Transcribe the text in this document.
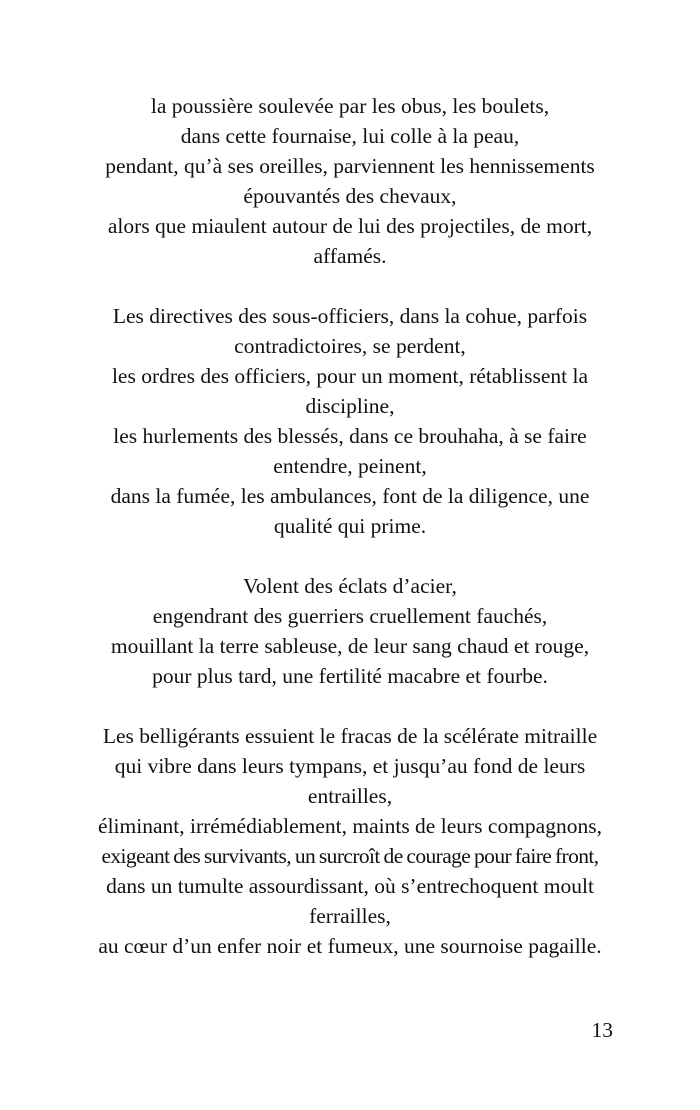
la poussière soulevée par les obus, les boulets,
dans cette fournaise, lui colle à la peau,
pendant, qu’à ses oreilles, parviennent les hennissements
épouvantés des chevaux,
alors que miaulent autour de lui des projectiles, de mort,
affamés.
Les directives des sous-officiers, dans la cohue, parfois
contradictoires, se perdent,
les ordres des officiers, pour un moment, rétablissent la
discipline,
les hurlements des blessés, dans ce brouhaha, à se faire
entendre, peinent,
dans la fumée, les ambulances, font de la diligence, une
qualité qui prime.
Volent des éclats d’acier,
engendrant des guerriers cruellement fauchés,
mouillant la terre sableuse, de leur sang chaud et rouge,
pour plus tard, une fertilité macabre et fourbe.
Les belligérants essuient le fracas de la scélérate mitraille
qui vibre dans leurs tympans, et jusqu’au fond de leurs
entrailles,
éliminant, irrémédiablement, maints de leurs compagnons,
exigeant des survivants, un surcroît de courage pour faire front,
dans un tumulte assourdissant, où s’entrechoquent moult
ferrailles,
au cœur d’un enfer noir et fumeux, une sournoise pagaille.
13
